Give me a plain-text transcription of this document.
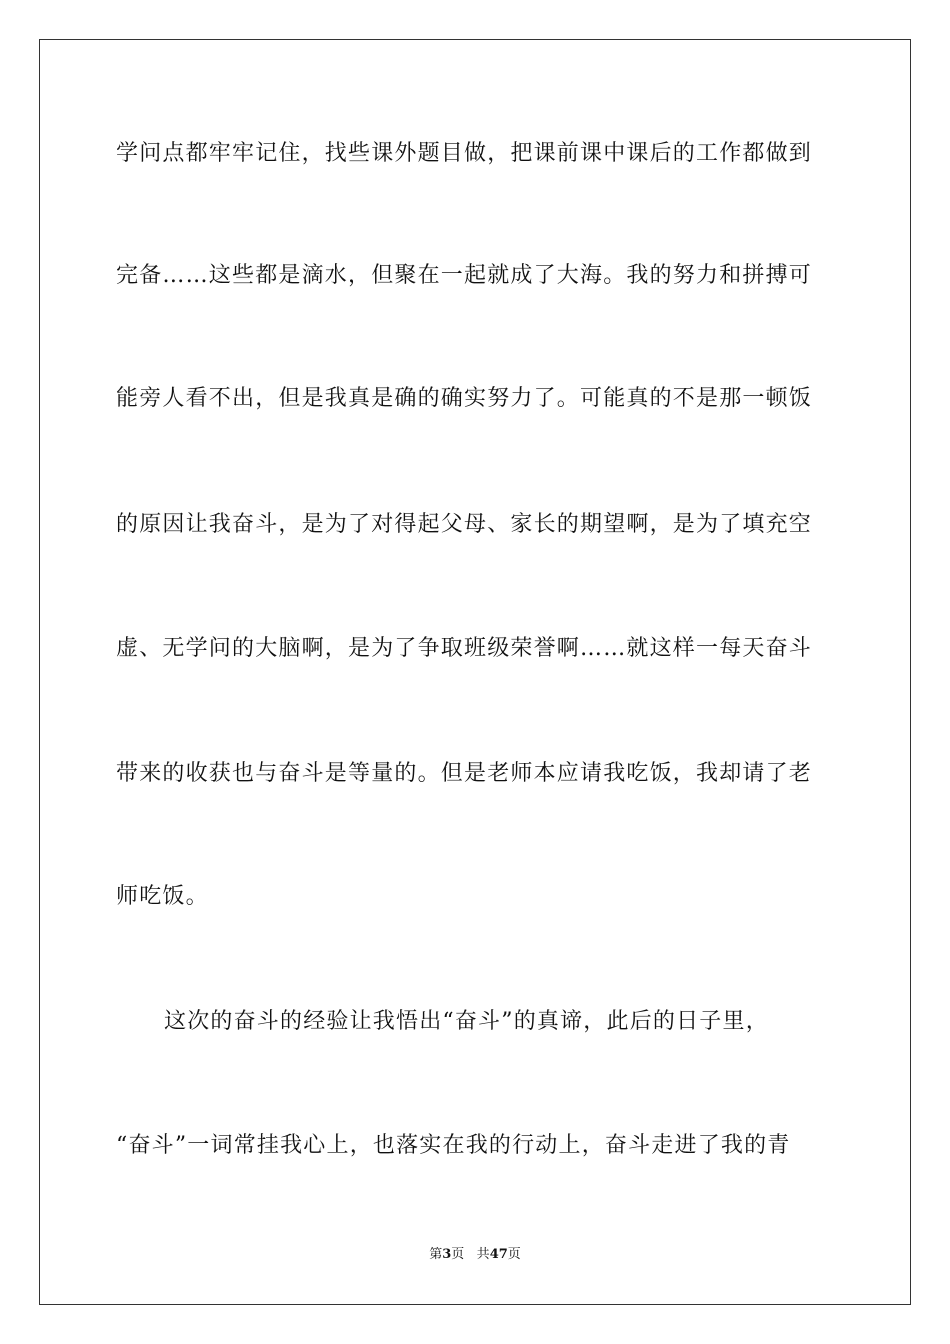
学问点都牢牢记住，找些课外题目做，把课前课中课后的工作都做到
完备……这些都是滴水，但聚在一起就成了大海。我的努力和拼搏可
能旁人看不出，但是我真是确的确实努力了。可能真的不是那一顿饭
的原因让我奋斗，是为了对得起父母、家长的期望啊，是为了填充空
虚、无学问的大脑啊，是为了争取班级荣誉啊……就这样一每天奋斗
带来的收获也与奋斗是等量的。但是老师本应请我吃饭，我却请了老
师吃饭。
这次的奋斗的经验让我悟出“奋斗”的真谛，此后的日子里，
“奋斗”一词常挂我心上，也落实在我的行动上，奋斗走进了我的青
第3页 共47页
